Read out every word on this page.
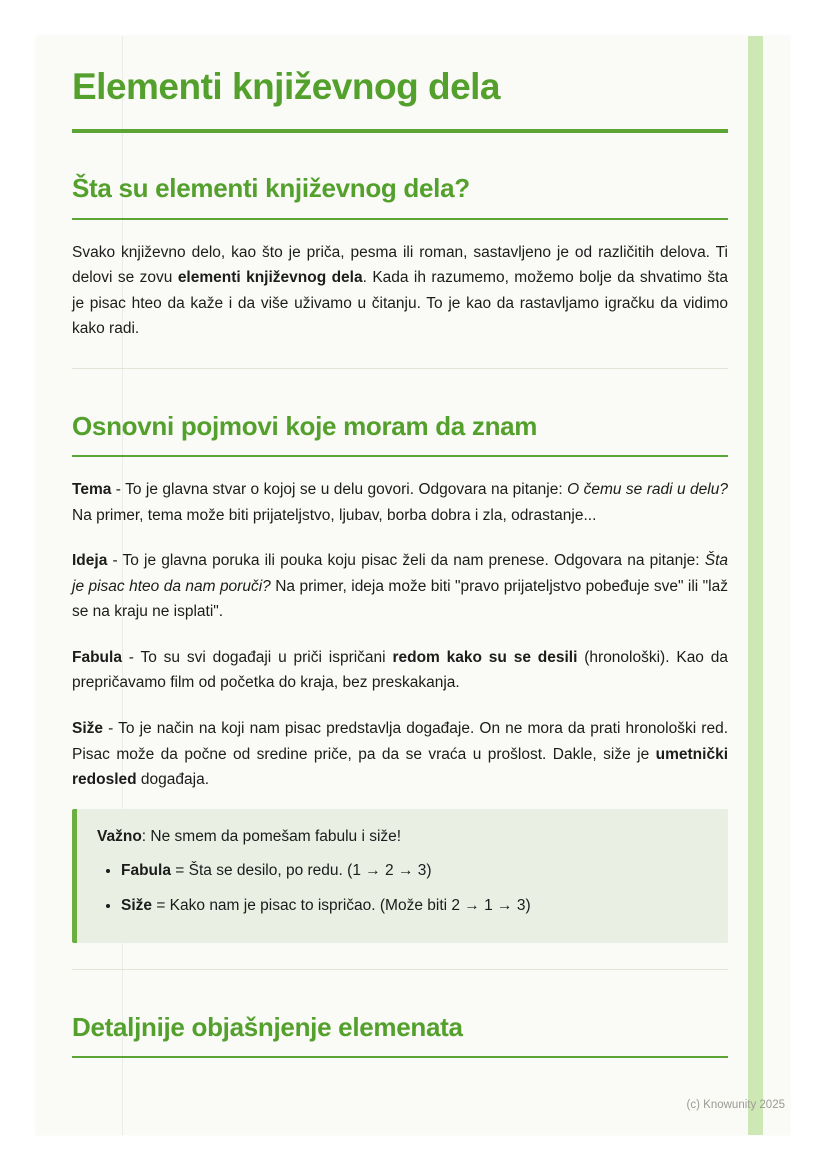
Elementi književnog dela
Šta su elementi književnog dela?

Svako književno delo, kao što je priča, pesma ili roman, sastavljeno je od različitih delova. Ti delovi se zovu elementi književnog dela. Kada ih razumemo, možemo bolje da shvatimo šta je pisac hteo da kaže i da više uživamo u čitanju. To je kao da rastavljamo igračku da vidimo kako radi.

Osnovni pojmovi koje moram da znam

Tema - To je glavna stvar o kojoj se u delu govori. Odgovara na pitanje: O čemu se radi u delu? Na primer, tema može biti prijateljstvo, ljubav, borba dobra i zla, odrastanje...

Ideja - To je glavna poruka ili pouka koju pisac želi da nam prenese. Odgovara na pitanje: Šta je pisac hteo da nam poruči? Na primer, ideja može biti "pravo prijateljstvo pobeđuje sve" ili "laž se na kraju ne isplati".

Fabula - To su svi događaji u priči ispričani redom kako su se desili (hronološki). Kao da prepričavamo film od početka do kraja, bez preskakanja.

Siže - To je način na koji nam pisac predstavlja događaje. On ne mora da prati hronološki red. Pisac može da počne od sredine priče, pa da se vraća u prošlost. Dakle, siže je umetnički redosled događaja.

Važno: Ne smem da pomešam fabulu i siže!
• Fabula = Šta se desilo, po redu. (1 → 2 → 3)
• Siže = Kako nam je pisac to ispričao. (Može biti 2 → 1 → 3)
Detaljnije objašnjenje elemenata
(c) Knowunity 2025
